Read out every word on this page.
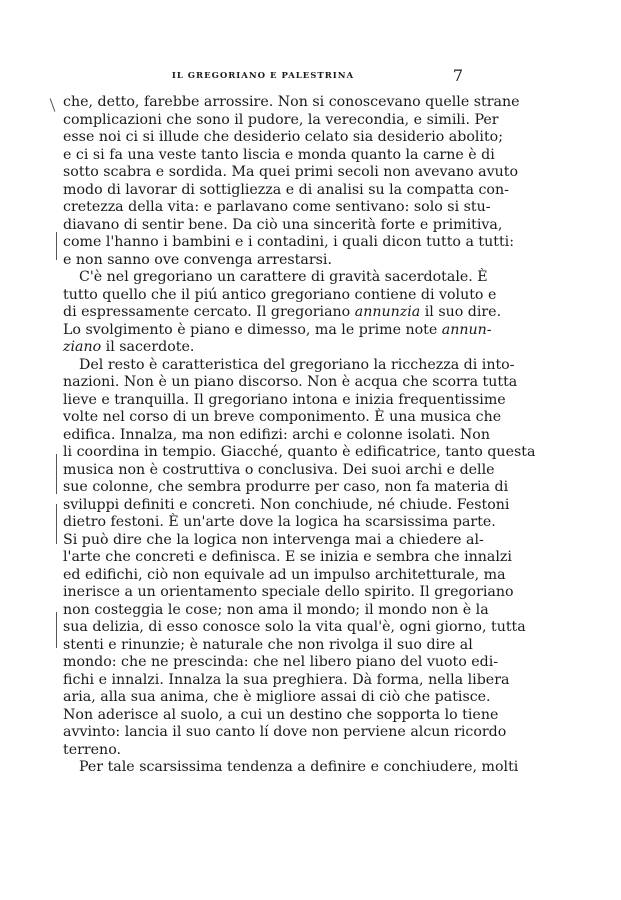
IL GREGORIANO E PALESTRINA	7
che, detto, farebbe arrossire. Non si conoscevano quelle strane
complicazioni che sono il pudore, la verecondia, e simili. Per
esse noi ci si illude che desiderio celato sia desiderio abolito;
e ci si fa una veste tanto liscia e monda quanto la carne è di
sotto scabra e sordida. Ma quei primi secoli non avevano avuto
modo di lavorar di sottigliezza e di analisi su la compatta con-
cretezza della vita: e parlavano come sentivano: solo si stu-
diavano di sentir bene. Da ciò una sincerità forte e primitiva,
come l'hanno i bambini e i contadini, i quali dicon tutto a tutti:
e non sanno ove convenga arrestarsi.
C'è nel gregoriano un carattere di gravità sacerdotale. È
tutto quello che il piú antico gregoriano contiene di voluto e
di espressamente cercato. Il gregoriano annunzia il suo dire.
Lo svolgimento è piano e dimesso, ma le prime note annun-
ziano il sacerdote.
Del resto è caratteristica del gregoriano la ricchezza di into-
nazioni. Non è un piano discorso. Non è acqua che scorra tutta
lieve e tranquilla. Il gregoriano intona e inizia frequentissime
volte nel corso di un breve componimento. È una musica che
edifica. Innalza, ma non edifizi: archi e colonne isolati. Non
li coordina in tempio. Giacché, quanto è edificatrice, tanto questa
musica non è costruttiva o conclusiva. Dei suoi archi e delle
sue colonne, che sembra produrre per caso, non fa materia di
sviluppi definiti e concreti. Non conchiude, né chiude. Festoni
dietro festoni. È un'arte dove la logica ha scarsissima parte.
Si può dire che la logica non intervenga mai a chiedere al-
l'arte che concreti e definisca. E se inizia e sembra che innalzi
ed edifichi, ciò non equivale ad un impulso architetturale, ma
inerisce a un orientamento speciale dello spirito. Il gregoriano
non costeggia le cose; non ama il mondo; il mondo non è la
sua delizia, di esso conosce solo la vita qual'è, ogni giorno, tutta
stenti e rinunzie; è naturale che non rivolga il suo dire al
mondo: che ne prescinda: che nel libero piano del vuoto edi-
fichi e innalzi. Innalza la sua preghiera. Dà forma, nella libera
aria, alla sua anima, che è migliore assai di ciò che patisce.
Non aderisce al suolo, a cui un destino che sopporta lo tiene
avvinto: lancia il suo canto lí dove non perviene alcun ricordo
terreno.
Per tale scarsissima tendenza a definire e conchiudere, molti
